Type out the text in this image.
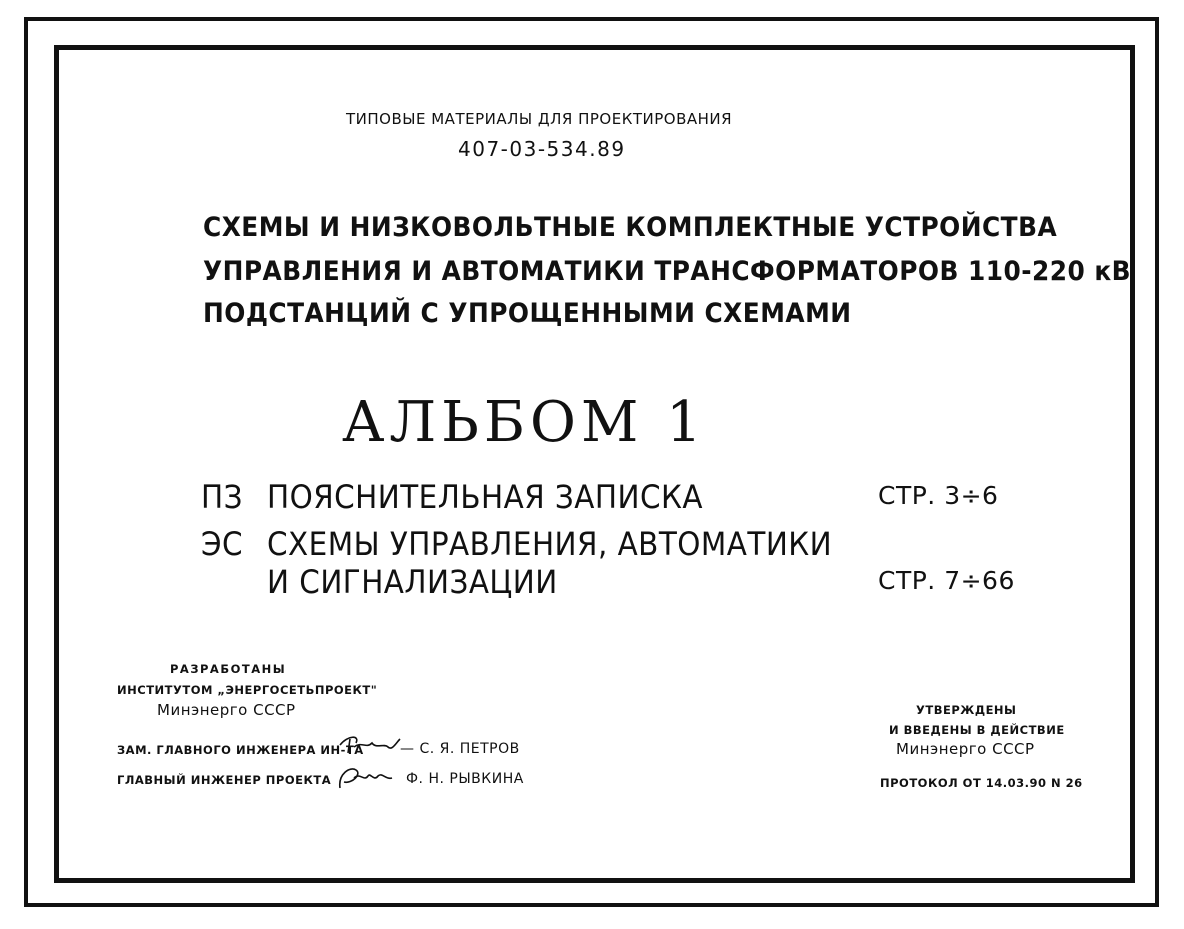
ТИПОВЫЕ МАТЕРИАЛЫ ДЛЯ ПРОЕКТИРОВАНИЯ
407-03-534.89
СХЕМЫ И НИЗКОВОЛЬТНЫЕ КОМПЛЕКТНЫЕ УСТРОЙСТВА
УПРАВЛЕНИЯ И АВТОМАТИКИ ТРАНСФОРМАТОРОВ 110-220 кВ
ПОДСТАНЦИЙ С УПРОЩЕННЫМИ СХЕМАМИ
АЛЬБОМ 1
ПЗ ПОЯСНИТЕЛЬНАЯ ЗАПИСКА	СТР. 3÷6
ЭС СХЕМЫ УПРАВЛЕНИЯ, АВТОМАТИКИ
И СИГНАЛИЗАЦИИ	СТР. 7÷66
РАЗРАБОТАНЫ
ИНСТИТУТОМ „ЭНЕРГОСЕТЬПРОЕКТ"
Минэнерго СССР
ЗАМ. ГЛАВНОГО ИНЖЕНЕРА ИН-ТА	— С. Я. ПЕТРОВ
ГЛАВНЫЙ ИНЖЕНЕР ПРОЕКТА	Ф. Н. РЫВКИНА
УТВЕРЖДЕНЫ
И ВВЕДЕНЫ В ДЕЙСТВИЕ
Минэнерго СССР
ПРОТОКОЛ ОТ 14.03.90 N 26
